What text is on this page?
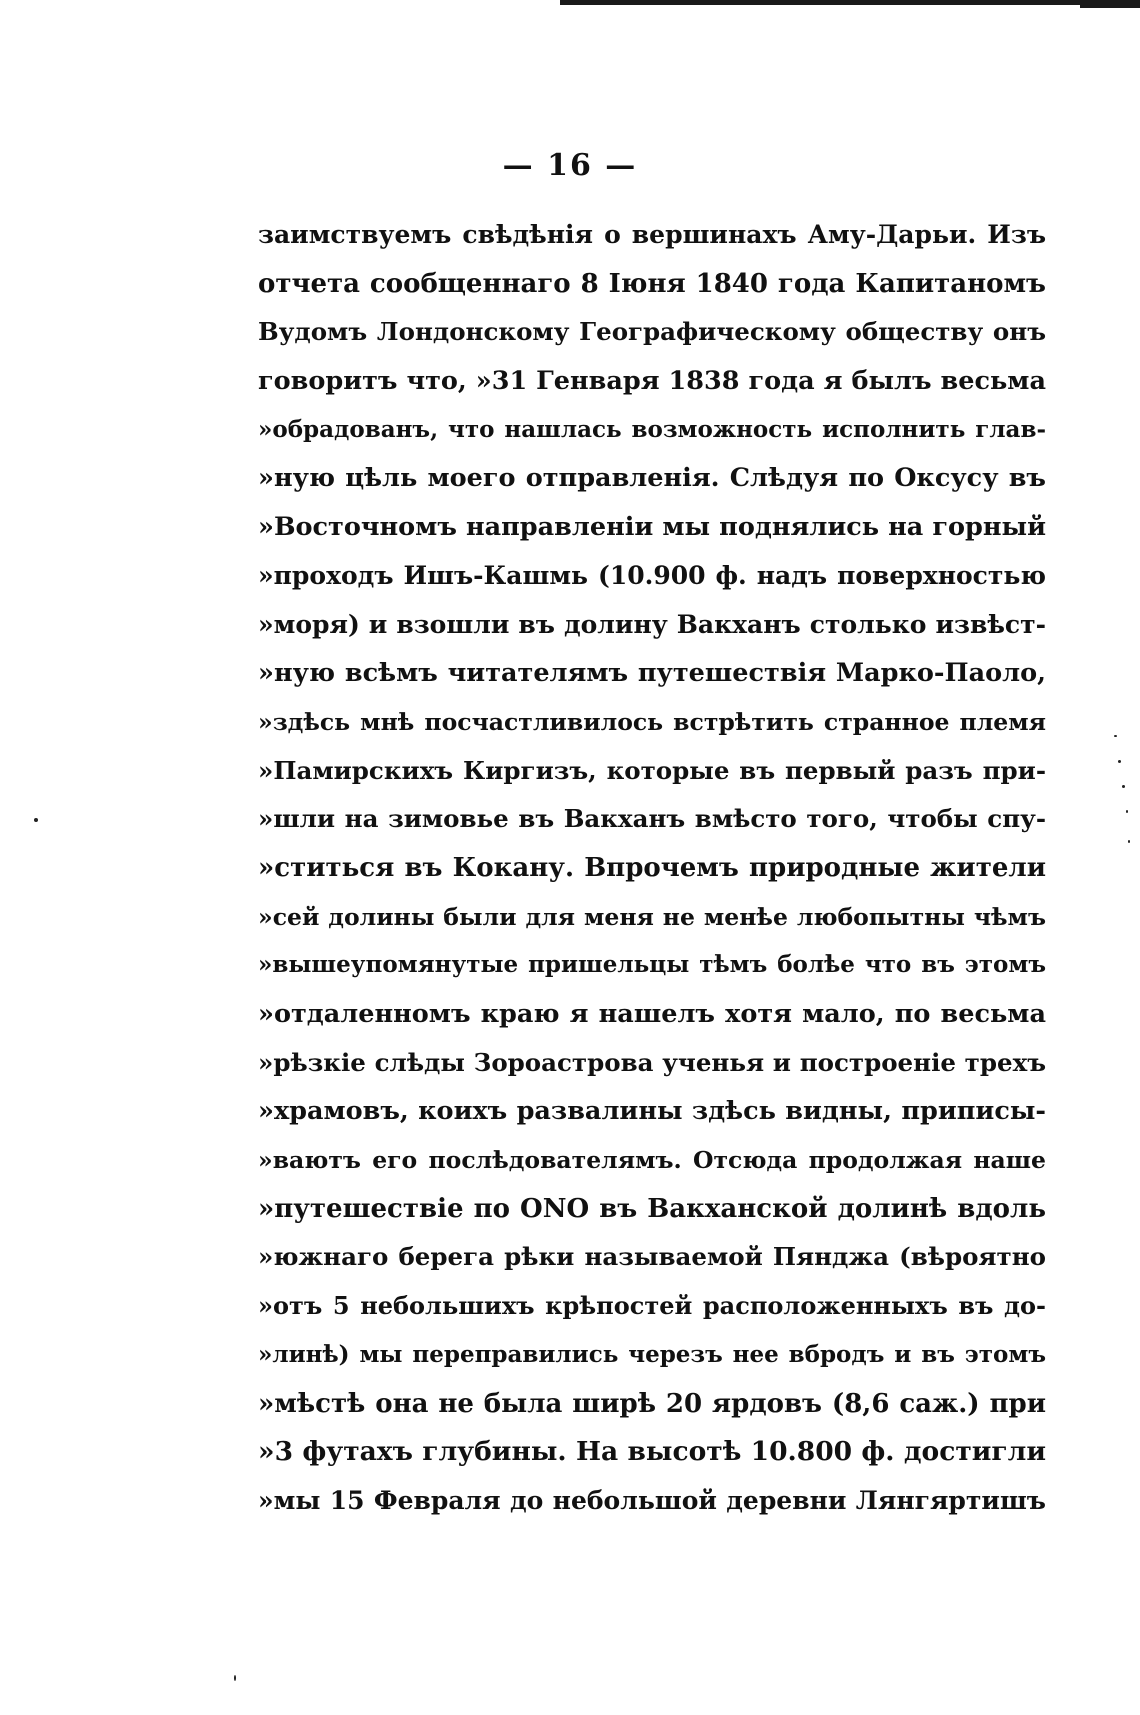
— 16 —
заимствуемъ свѣдѣнія о вершинахъ Аму-Дарьи. Изъ
отчета сообщеннаго 8 Іюня 1840 года Капитаномъ
Вудомъ Лондонскому Географическому обществу онъ
говоритъ что, »31 Генваря 1838 года я былъ весьма
»обрадованъ, что нашлась возможность исполнить глав-
»ную цѣль моего отправленія. Слѣдуя по Оксусу въ
»Восточномъ направленіи мы поднялись на горный
»проходъ Ишъ-Кашмь (10.900 ф. надъ поверхностью
»моря) и взошли въ долину Вакханъ столько извѣст-
»ную всѣмъ читателямъ путешествія Марко-Паоло,
»здѣсь мнѣ посчастливилось встрѣтить странное племя
»Памирскихъ Киргизъ, которые въ первый разъ при-
»шли на зимовье въ Вакханъ вмѣсто того, чтобы спу-
»ститься въ Кокану. Впрочемъ природные жители
»сей долины были для меня не менѣе любопытны чѣмъ
»вышеупомянутые пришельцы тѣмъ болѣе что въ этомъ
»отдаленномъ краю я нашелъ хотя мало, по весьма
»рѣзкіе слѣды Зороастрова ученья и построеніе трехъ
»храмовъ, коихъ развалины здѣсь видны, приписы-
»ваютъ его послѣдователямъ. Отсюда продолжая наше
»путешествіе по ONO въ Вакханской долинѣ вдоль
»южнаго берега рѣки называемой Пянджа (вѣроятно
»отъ 5 небольшихъ крѣпостей расположенныхъ въ до-
»линѣ) мы переправились черезъ нее вбродъ и въ этомъ
»мѣстѣ она не была ширѣ 20 ярдовъ (8,6 саж.) при
»3 футахъ глубины. На высотѣ 10.800 ф. достигли
»мы 15 Февраля до небольшой деревни Лянгяртишъ
